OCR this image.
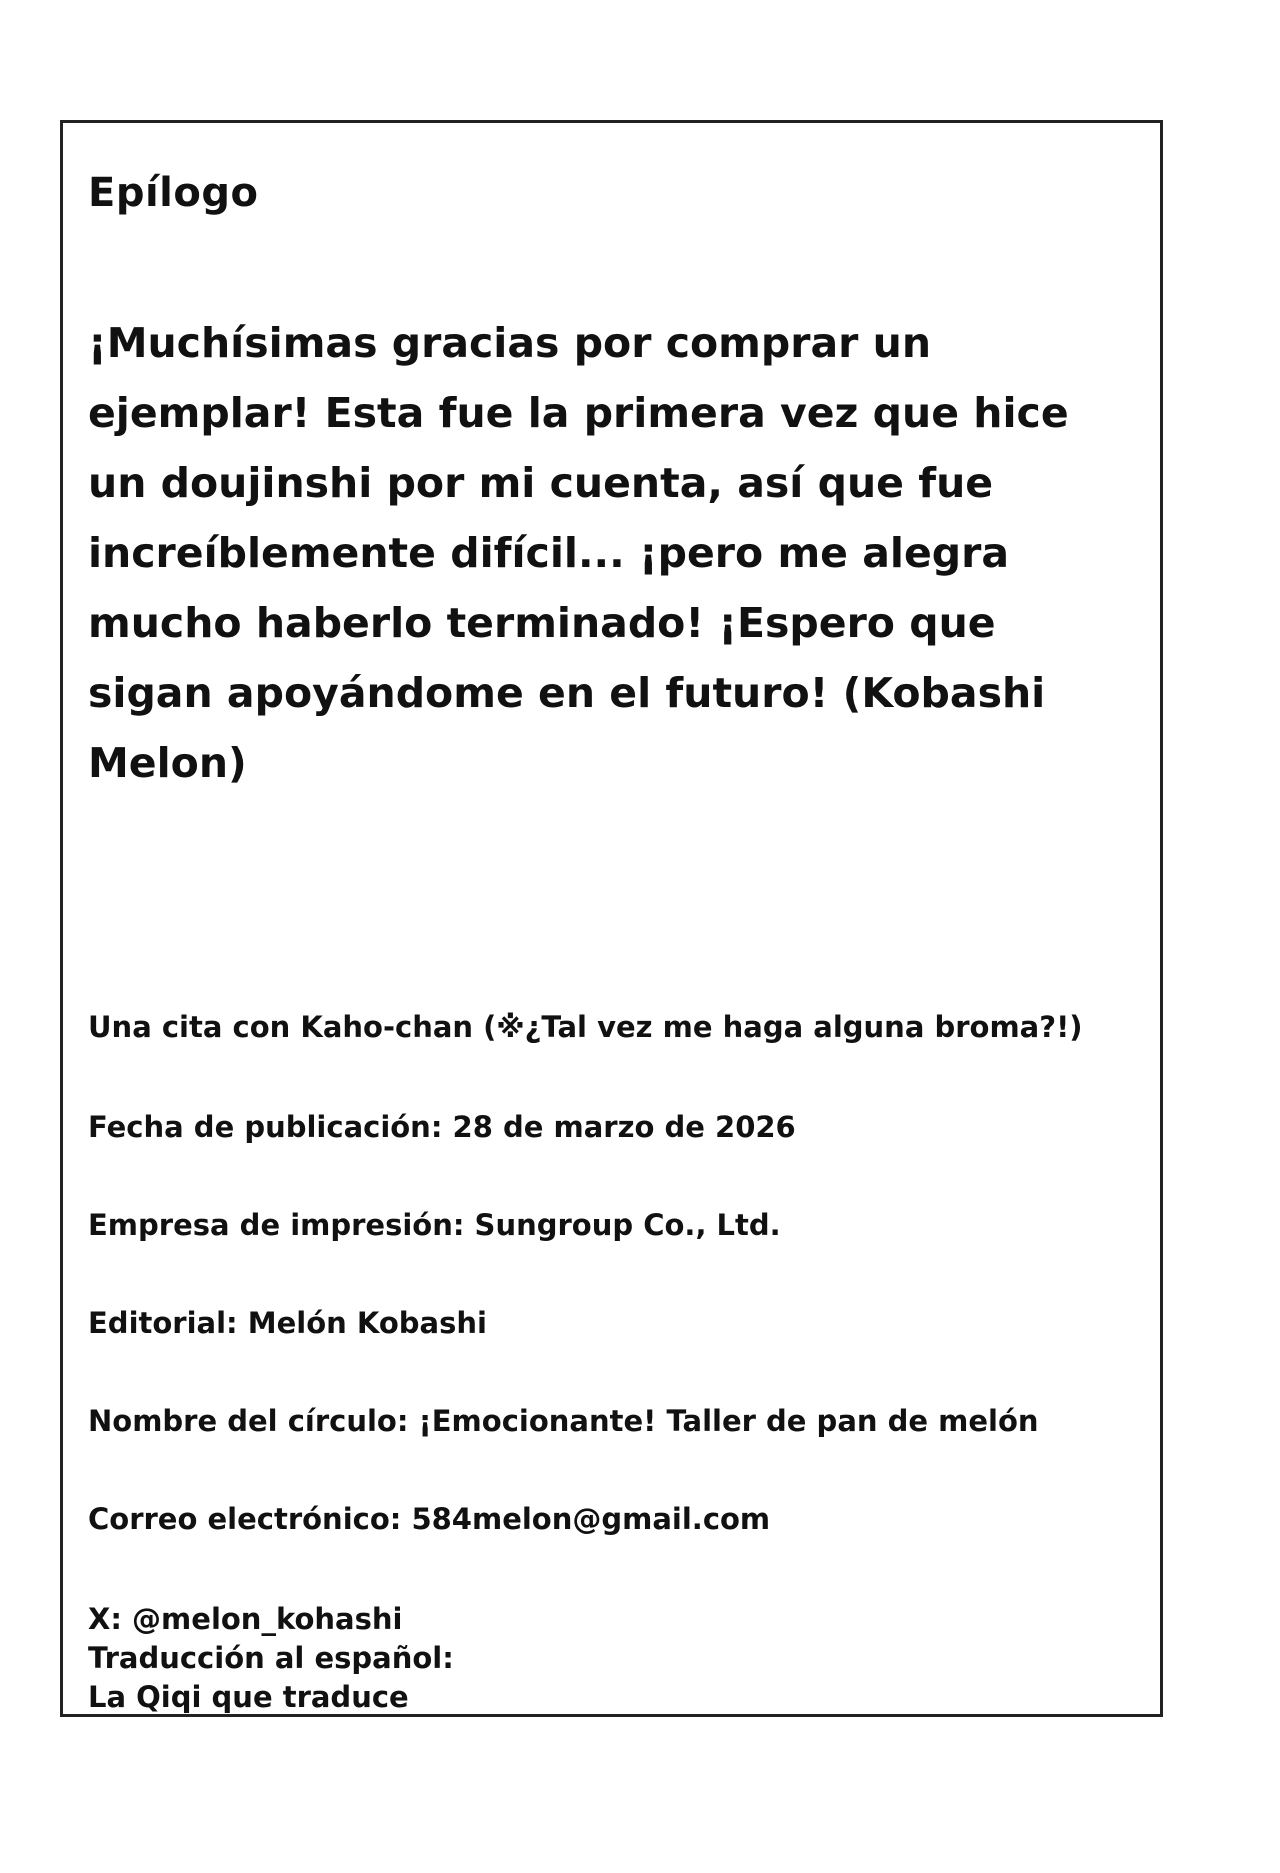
Epílogo
¡Muchísimas gracias por comprar un ejemplar! Esta fue la primera vez que hice un doujinshi por mi cuenta, así que fue increíblemente difícil... ¡pero me alegra mucho haberlo terminado! ¡Espero que sigan apoyándome en el futuro! (Kobashi Melon)
Una cita con Kaho-chan (※¿Tal vez me haga alguna broma?!)
Fecha de publicación: 28 de marzo de 2026
Empresa de impresión: Sungroup Co., Ltd.
Editorial: Melón Kobashi
Nombre del círculo: ¡Emocionante! Taller de pan de melón
Correo electrónico: 584melon@gmail.com
X: @melon_kohashi
Traducción al español:
La Qiqi que traduce
